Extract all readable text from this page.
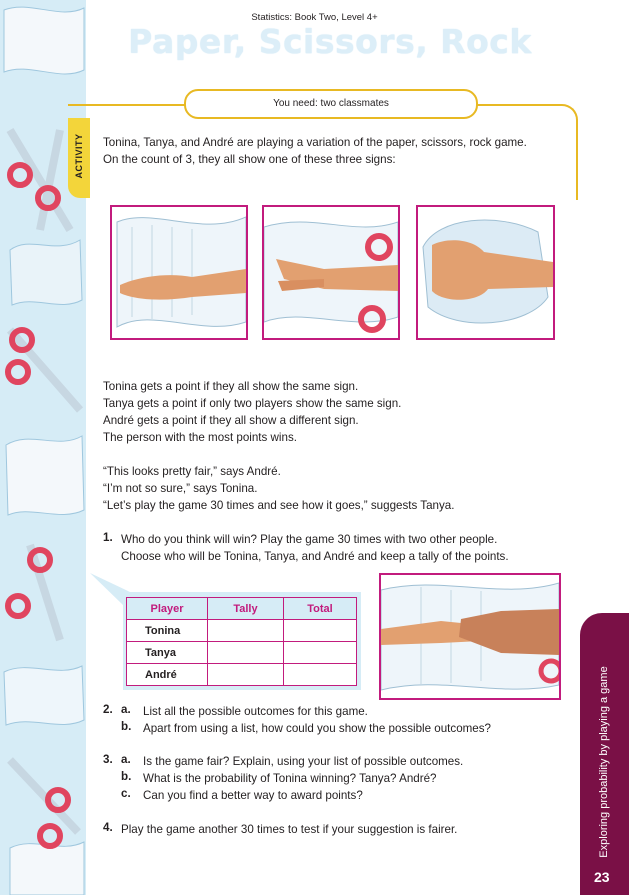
Statistics: Book Two, Level 4+
Paper, Scissors, Rock
You need: two classmates
ACTIVITY Tonina, Tanya, and André are playing a variation of the paper, scissors, rock game.
On the count of 3, they all show one of these three signs:
Tonina gets a point if they all show the same sign.
Tanya gets a point if only two players show the same sign.
André gets a point if they all show a different sign.
The person with the most points wins.
“This looks pretty fair,” says André.
“I’m not so sure,” says Tonina.
“Let’s play the game 30 times and see how it goes,” suggests Tanya.
1. Who do you think will win? Play the game 30 times with two other people.
Choose who will be Tonina, Tanya, and André and keep a tally of the points.
Player	Tally	Total
Tonina		
Tanya		
André		
2. a. List all the possible outcomes for this game.
b. Apart from using a list, how could you show the possible outcomes?
3. a. Is the game fair? Explain, using your list of possible outcomes.
b. What is the probability of Tonina winning? Tanya? André?
c. Can you find a better way to award points?
4. Play the game another 30 times to test if your suggestion is fairer.	Exploring probability by playing a game
23
